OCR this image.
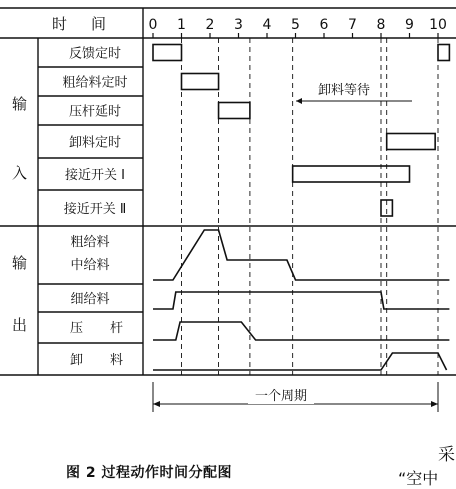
时 间	0 1 2 3 4 5 6 7 8 9 10
输
入
输
出
反馈定时
粗给料定时
压杆延时
卸料定时
接近开关 Ⅰ
接近开关 Ⅱ
卸料等待
粗给料
中给料
细给料
压 杆
卸 料
一个周期
图 2 过程动作时间分配图
采
“空中
